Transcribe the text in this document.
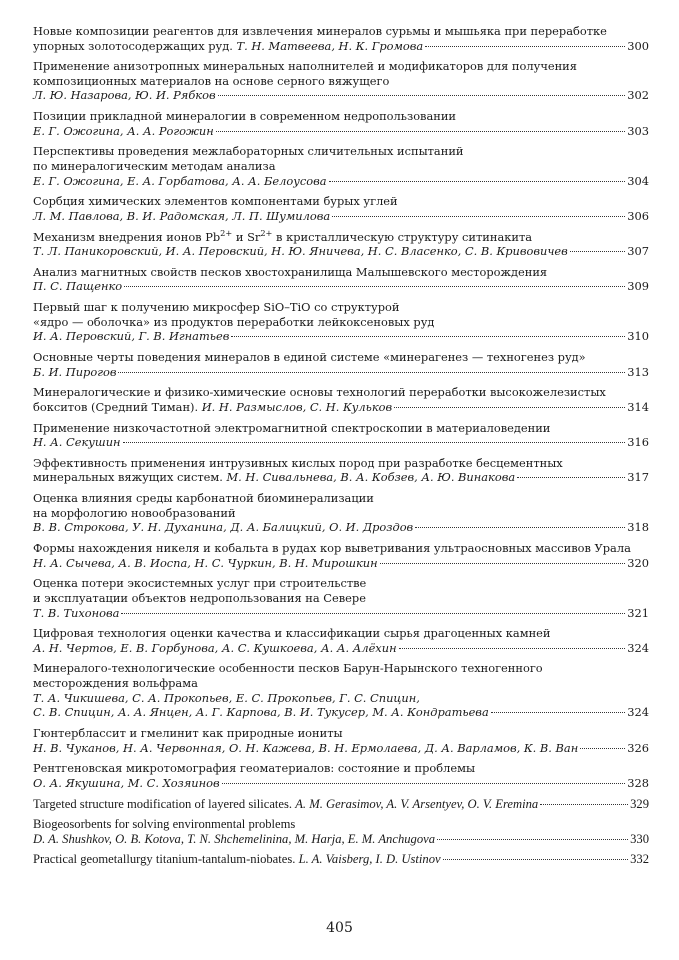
Новые композиции реагентов для извлечения минералов сурьмы и мышьяка при переработке
упорных золотосодержащих руд. Т. Н. Матвеева, Н. К. Громова	300
Применение анизотропных минеральных наполнителей и модификаторов для получения
композиционных материалов на основе серного вяжущего
Л. Ю. Назарова, Ю. И. Рябков	302
Позиции прикладной минералогии в современном недропользовании
Е. Г. Ожогина, А. А. Рогожин	303
Перспективы проведения межлабораторных сличительных испытаний
по минералогическим методам анализа
Е. Г. Ожогина, Е. А. Горбатова, А. А. Белоусова	304
Сорбция химических элементов компонентами бурых углей
Л. М. Павлова, В. И. Радомская, Л. П. Шумилова	306
Механизм внедрения ионов $Pb^{2+}$ и $Sr^{2+}$ в кристаллическую структуру ситинакита
Т. Л. Паникоровский, И. А. Перовский, Н. Ю. Яничева, Н. С. Власенко, С. В. Кривовичев	307
Анализ магнитных свойств песков хвостохранилища Малышевского месторождения
П. С. Пащенко	309
Первый шаг к получению микросфер SiO–TiO со структурой
«ядро — оболочка» из продуктов переработки лейкоксеновых руд
И. А. Перовский, Г. В. Игнатьев	310
Основные черты поведения минералов в единой системе «минерагенез — техногенез руд»
Б. И. Пирогов	313
Минералогические и физико-химические основы технологий переработки высокожелезистых
бокситов (Средний Тиман). И. Н. Размыслов, С. Н. Кульков	314
Применение низкочастотной электромагнитной спектроскопии в материаловедении
Н. А. Секушин	316
Эффективность применения интрузивных кислых пород при разработке бесцементных
минеральных вяжущих систем. М. Н. Сивальнева, В. А. Кобзев, А. Ю. Винакова	317
Оценка влияния среды карбонатной биоминерализации
на морфологию новообразований
В. В. Строкова, У. Н. Духанина, Д. А. Балицкий, О. И. Дроздов	318
Формы нахождения никеля и кобальта в рудах кор выветривания ультраосновных массивов Урала
Н. А. Сычева, А. В. Иоспа, Н. С. Чуркин, В. Н. Мирошкин	320
Оценка потери экосистемных услуг при строительстве
и эксплуатации объектов недропользования на Севере
Т. В. Тихонова	321
Цифровая технология оценки качества и классификации сырья драгоценных камней
А. Н. Чертов, Е. В. Горбунова, А. С. Кушкоева, А. А. Алёхин	324
Минералого-технологические особенности песков Барун-Нарынского техногенного
месторождения вольфрама
Т. А. Чикишева, С. А. Прокопьев, Е. С. Прокопьев, Г. С. Спицин,
С. В. Спицин, А. А. Янцен, А. Г. Карпова, В. И. Тукусер, М. А. Кондратьева	324
Гюнтерблассит и гмелинит как природные иониты
Н. В. Чуканов, Н. А. Червонная, О. Н. Кажева, В. Н. Ермолаева, Д. А. Варламов, К. В. Ван	326
Рентгеновская микротомография геоматериалов: состояние и проблемы
О. А. Якушина, М. С. Хозяинов	328
Targeted structure modification of layered silicates. A. M. Gerasimov, A. V. Arsentyev, O. V. Eremina	329
Biogeosorbents for solving environmental problems
D. A. Shushkov, O. B. Kotova, T. N. Shchemelinina, M. Harja, E. M. Anchugova	330
Practical geometallurgy titanium-tantalum-niobates. L. A. Vaisberg, I. D. Ustinov	332
405
